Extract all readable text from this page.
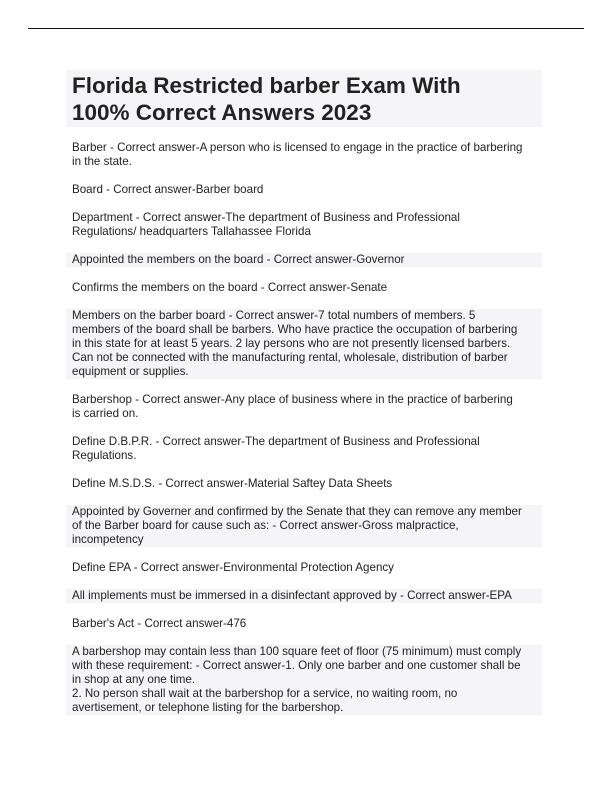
Florida Restricted barber Exam With
100% Correct Answers 2023

Barber - Correct answer-A person who is licensed to engage in the practice of barbering
in the state.

Board - Correct answer-Barber board

Department - Correct answer-The department of Business and Professional
Regulations/ headquarters Tallahassee Florida

Appointed the members on the board - Correct answer-Governor

Confirms the members on the board - Correct answer-Senate

Members on the barber board - Correct answer-7 total numbers of members. 5
members of the board shall be barbers. Who have practice the occupation of barbering
in this state for at least 5 years. 2 lay persons who are not presently licensed barbers.
Can not be connected with the manufacturing rental, wholesale, distribution of barber
equipment or supplies.

Barbershop - Correct answer-Any place of business where in the practice of barbering
is carried on.

Define D.B.P.R. - Correct answer-The department of Business and Professional
Regulations.

Define M.S.D.S. - Correct answer-Material Saftey Data Sheets

Appointed by Governer and confirmed by the Senate that they can remove any member
of the Barber board for cause such as: - Correct answer-Gross malpractice,
incompetency

Define EPA - Correct answer-Environmental Protection Agency

All implements must be immersed in a disinfectant approved by - Correct answer-EPA

Barber's Act - Correct answer-476

A barbershop may contain less than 100 square feet of floor (75 minimum) must comply
with these requirement: - Correct answer-1. Only one barber and one customer shall be
in shop at any one time.
2. No person shall wait at the barbershop for a service, no waiting room, no
avertisement, or telephone listing for the barbershop.
